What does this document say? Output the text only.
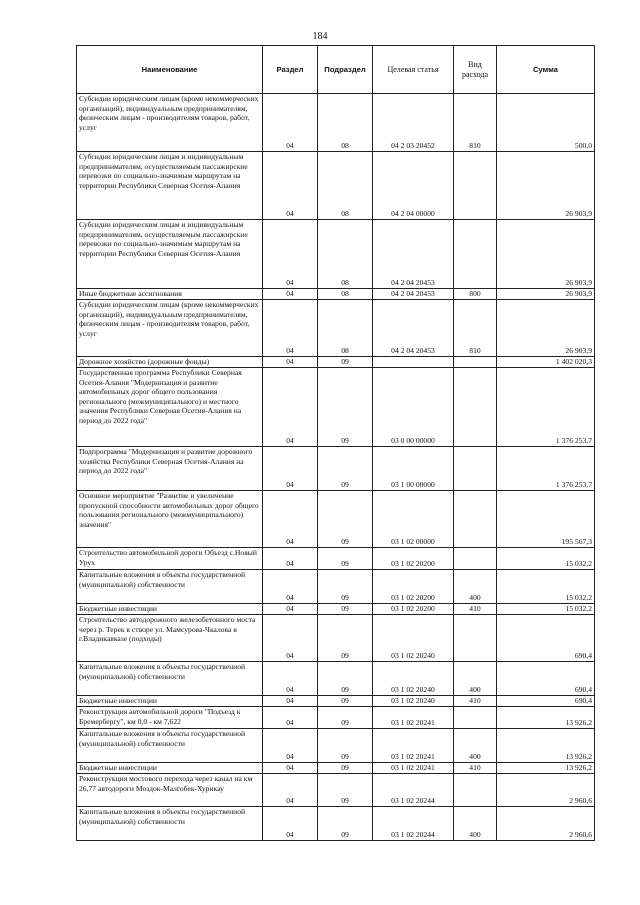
184
Наименование	Раздел	Подраздел	Целевая статья	Вид расхода	Сумма
Субсидии юридическим лицам (кроме некоммерческих организаций), индивидуальным предпринимателям, физическим лицам - производителям товаров, работ, услуг	04	08	04 2 03 20452	810	500,0
Субсидии юридическим лицам и индивидуальным предпринимателям, осуществляемым пассажирские перевозки по социально-значимым маршрутам на территории Республики Северная Осетия-Алания	04	08	04 2 04 00000		26 903,9
Субсидии юридическим лицам и индивидуальным предпринимателям, осуществляемым пассажирские перевозки по социально-значимым маршрутам на территории Республики Северная Осетия-Алания	04	08	04 2 04 20453		26 903,9
Иные бюджетные ассигнования	04	08	04 2 04 20453	800	26 903,9
Субсидии юридическим лицам (кроме некоммерческих организаций), индивидуальным предпринимателям, физическим лицам - производителям товаров, работ, услуг	04	08	04 2 04 20453	810	26 903,9
Дорожное хозяйство (дорожные фонды)	04	09			1 402 020,3
Государственная программа Республики Северная Осетия-Алания "Модернизация и развитие автомобильных дорог общего пользования регионального (межмуниципального) и местного значения Республики Северная Осетия-Алания на период до 2022 года"	04	09	03 0 00 00000		1 376 253,7
Подпрограмма "Модернизация и развитие дорожного хозяйства Республики Северная Осетия-Алания на период до 2022 года"	04	09	03 1 00 00000		1 376 253,7
Основное мероприятие "Развитие и увеличение пропускной способности автомобильных дорог общего пользования регионального (межмуниципального) значения"	04	09	03 1 02 00000		195 567,3
Строительство автомобильной дороги Объезд с.Новый Урух	04	09	03 1 02 20200		15 032,2
Капитальные вложения в объекты государственной (муниципальной) собственности	04	09	03 1 02 20200	400	15 032,2
Бюджетные инвестиции	04	09	03 1 02 20200	410	15 032,2
Строительство автодорожного железобетонного моста через р. Терек в створе ул. Мамсурова-Чкалова в г.Владикавказе (подходы)	04	09	03 1 02 20240		690,4
Капитальные вложения в объекты государственной (муниципальной) собственности	04	09	03 1 02 20240	400	690,4
Бюджетные инвестиции	04	09	03 1 02 20240	410	690,4
Реконструкция автомобильной дороги "Подъезд к Бремербергу", км 0,0 - км 7,622	04	09	03 1 02 20241		13 926,2
Капитальные вложения в объекты государственной (муниципальной) собственности	04	09	03 1 02 20241	400	13 926,2
Бюджетные инвестиции	04	09	03 1 02 20241	410	13 926,2
Реконструкция мостового перехода через канал на км 26,77 автодороги Моздок-Малгобек-Хурикау	04	09	03 1 02 20244		2 960,6
Капитальные вложения в объекты государственной (муниципальной) собственности	04	09	03 1 02 20244	400	2 960,6
